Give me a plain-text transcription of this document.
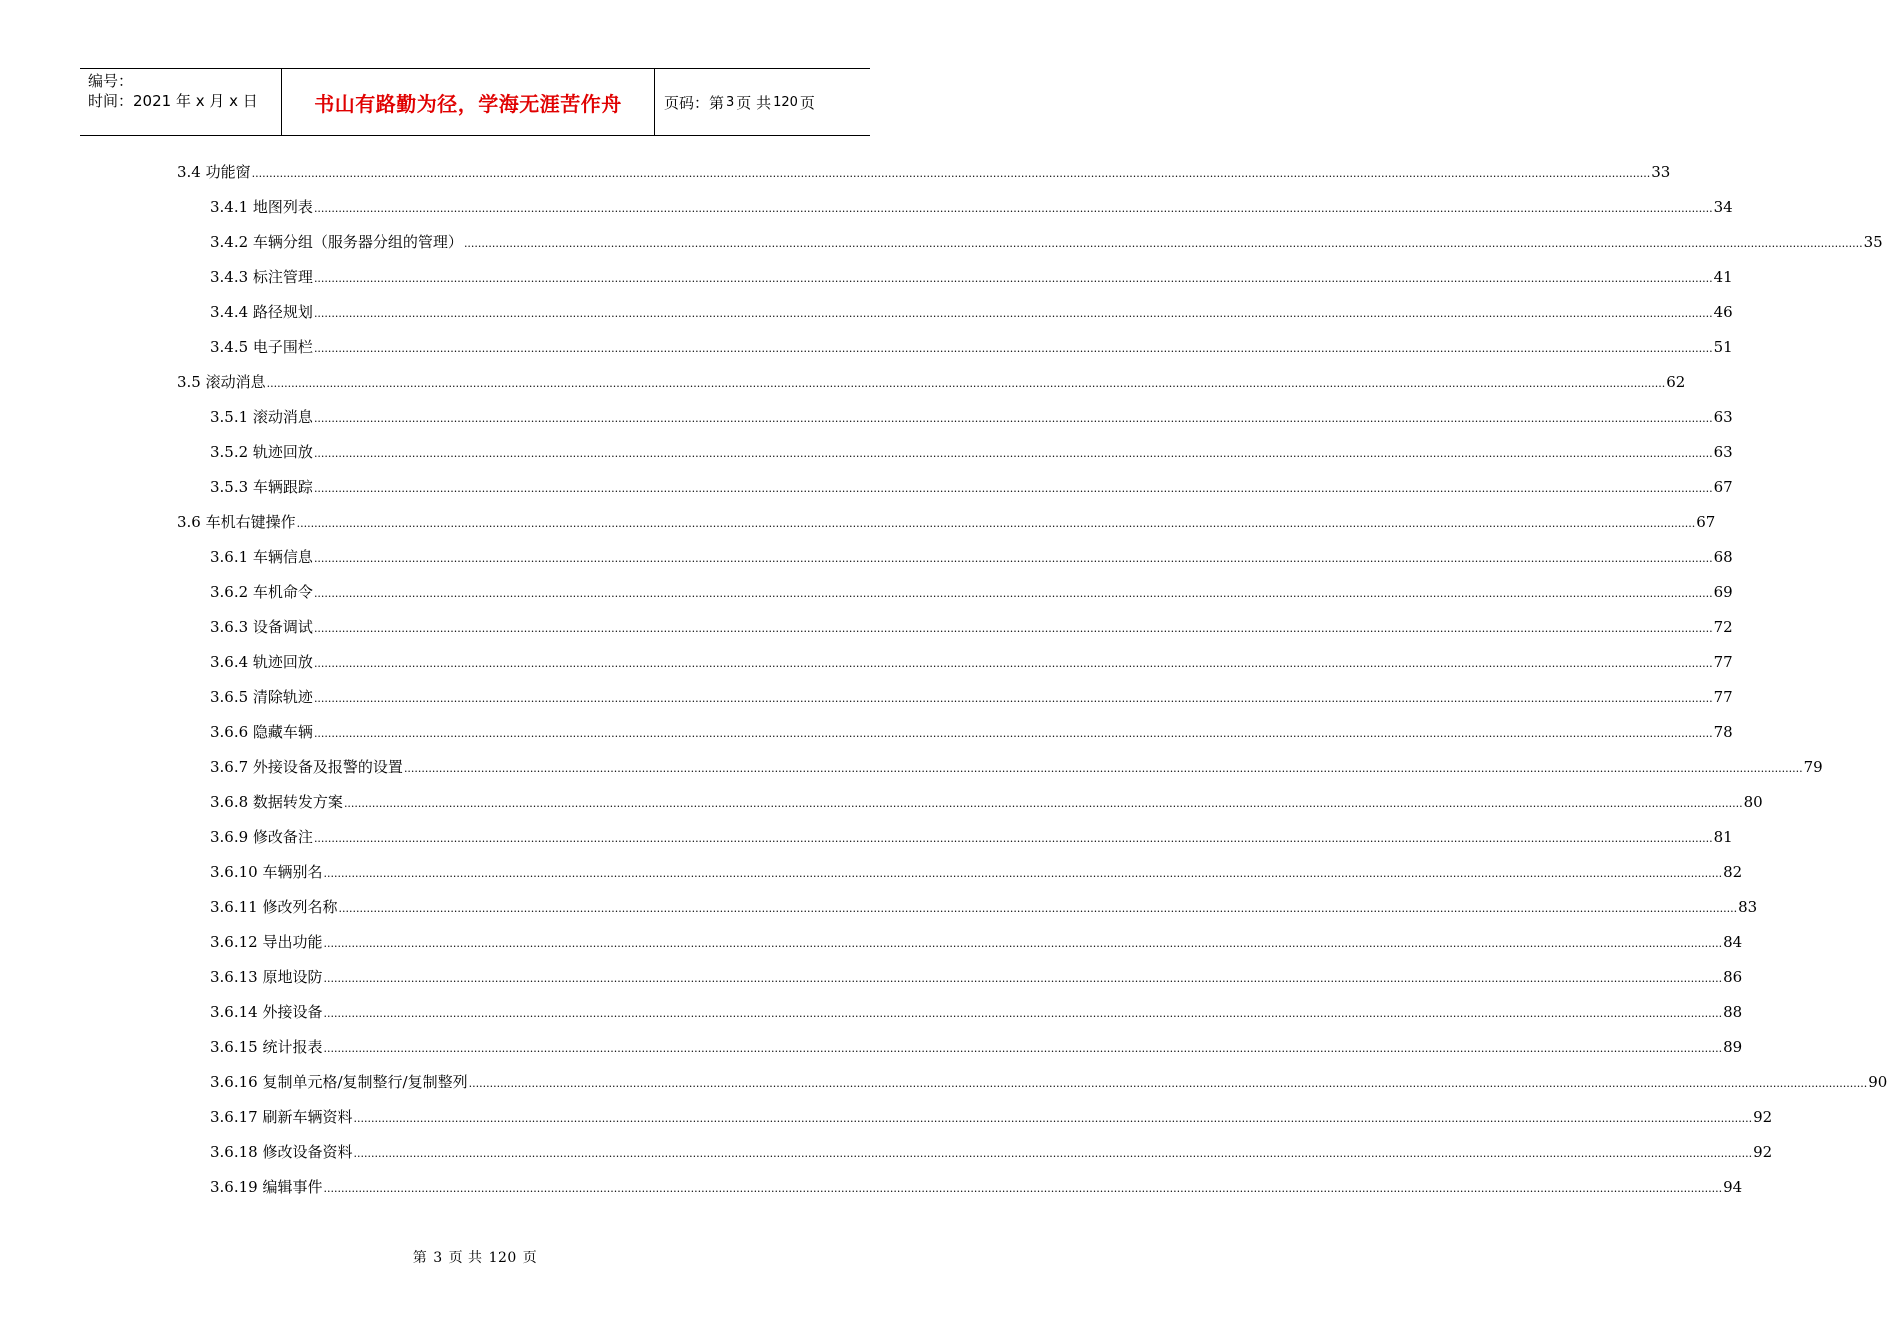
编号：
时间：2021 年 x 月 x 日	书山有路勤为径，学海无涯苦作舟	页码：第 3 页 共 120 页
3.4 功能窗 ................................................................................................................................................................................................................................................................................................................................................................................................................ 33
3.4.1 地图列表 ................................................................................................................................................................................................................................................................................................................................................................................................................ 34
3.4.2 车辆分组（服务器分组的管理） ................................................................................................................................................................................................................................................................................................................................................................................................................ 35
3.4.3 标注管理 ................................................................................................................................................................................................................................................................................................................................................................................................................ 41
3.4.4 路径规划 ................................................................................................................................................................................................................................................................................................................................................................................................................ 46
3.4.5 电子围栏 ................................................................................................................................................................................................................................................................................................................................................................................................................ 51
3.5 滚动消息 ................................................................................................................................................................................................................................................................................................................................................................................................................ 62
3.5.1 滚动消息 ................................................................................................................................................................................................................................................................................................................................................................................................................ 63
3.5.2 轨迹回放 ................................................................................................................................................................................................................................................................................................................................................................................................................ 63
3.5.3 车辆跟踪 ................................................................................................................................................................................................................................................................................................................................................................................................................ 67
3.6 车机右键操作 ................................................................................................................................................................................................................................................................................................................................................................................................................ 67
3.6.1 车辆信息 ................................................................................................................................................................................................................................................................................................................................................................................................................ 68
3.6.2 车机命令 ................................................................................................................................................................................................................................................................................................................................................................................................................ 69
3.6.3 设备调试 ................................................................................................................................................................................................................................................................................................................................................................................................................ 72
3.6.4 轨迹回放 ................................................................................................................................................................................................................................................................................................................................................................................................................ 77
3.6.5 清除轨迹 ................................................................................................................................................................................................................................................................................................................................................................................................................ 77
3.6.6 隐藏车辆 ................................................................................................................................................................................................................................................................................................................................................................................................................ 78
3.6.7 外接设备及报警的设置 ................................................................................................................................................................................................................................................................................................................................................................................................................ 79
3.6.8 数据转发方案 ................................................................................................................................................................................................................................................................................................................................................................................................................ 80
3.6.9 修改备注 ................................................................................................................................................................................................................................................................................................................................................................................................................ 81
3.6.10 车辆别名 ................................................................................................................................................................................................................................................................................................................................................................................................................ 82
3.6.11 修改列名称 ................................................................................................................................................................................................................................................................................................................................................................................................................ 83
3.6.12 导出功能 ................................................................................................................................................................................................................................................................................................................................................................................................................ 84
3.6.13 原地设防 ................................................................................................................................................................................................................................................................................................................................................................................................................ 86
3.6.14 外接设备 ................................................................................................................................................................................................................................................................................................................................................................................................................ 88
3.6.15 统计报表 ................................................................................................................................................................................................................................................................................................................................................................................................................ 89
3.6.16 复制单元格/复制整行/复制整列 ................................................................................................................................................................................................................................................................................................................................................................................................................ 90
3.6.17 刷新车辆资料 ................................................................................................................................................................................................................................................................................................................................................................................................................ 92
3.6.18 修改设备资料 ................................................................................................................................................................................................................................................................................................................................................................................................................ 92
3.6.19 编辑事件 ................................................................................................................................................................................................................................................................................................................................................................................................................ 94
第 3 页 共 120 页
